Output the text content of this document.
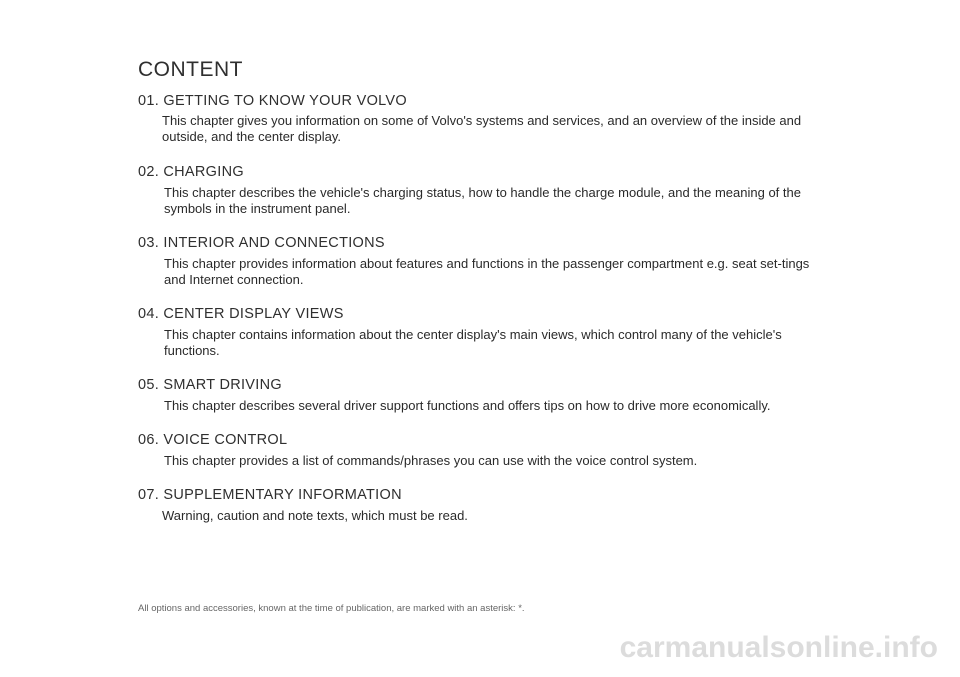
CONTENT
01. GETTING TO KNOW YOUR VOLVO
This chapter gives you information on some of Volvo's systems and services, and an overview of the inside and outside, and the center display.
02. CHARGING
This chapter describes the vehicle's charging status, how to handle the charge module, and the meaning of the symbols in the instrument panel.
03. INTERIOR AND CONNECTIONS
This chapter provides information about features and functions in the passenger compartment e.g. seat set-tings and Internet connection.
04. CENTER DISPLAY VIEWS
This chapter contains information about the center display's main views, which control many of the vehicle's functions.
05. SMART DRIVING
This chapter describes several driver support functions and offers tips on how to drive more economically.
06. VOICE CONTROL
This chapter provides a list of commands/phrases you can use with the voice control system.
07. SUPPLEMENTARY INFORMATION
Warning, caution and note texts, which must be read.
All options and accessories, known at the time of publication, are marked with an asterisk: *.
carmanualsonline.info
